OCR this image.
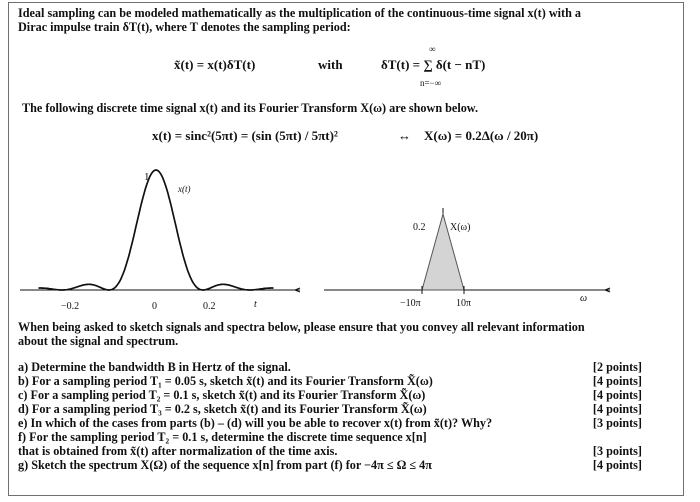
Ideal sampling can be modeled mathematically as the multiplication of the continuous-time signal x(t) with a
Dirac impulse train δT(t), where T denotes the sampling period:
x̃(t) = x(t)δT(t)	with	δT(t) = ∑ δ(t − nT)
∞
n=−∞
The following discrete time signal x(t) and its Fourier Transform X(ω) are shown below.
x(t) = sinc²(5πt) = (sin (5πt) / 5πt)²	↔ X(ω) = 0.2Δ(ω / 20π)
1
x(t)
−0.2	0	0.2	t
0.2 X(ω)
−10π	10π	ω
When being asked to sketch signals and spectra below, please ensure that you convey all relevant information
about the signal and spectrum.
a) Determine the bandwidth B in Hertz of the signal.	[2 points]
b) For a sampling period T₁ = 0.05 s, sketch x̃(t) and its Fourier Transform X̃(ω)	[4 points]
c) For a sampling period T₂ = 0.1 s, sketch x̃(t) and its Fourier Transform X̃(ω)	[4 points]
d) For a sampling period T₃ = 0.2 s, sketch x̃(t) and its Fourier Transform X̃(ω)	[4 points]
e) In which of the cases from parts (b) – (d) will you be able to recover x(t) from x̃(t)? Why?	[3 points]
f) For the sampling period T₂ = 0.1 s, determine the discrete time sequence x[n]
that is obtained from x̃(t) after normalization of the time axis.	[3 points]
g) Sketch the spectrum X(Ω) of the sequence x[n] from part (f) for −4π ≤ Ω ≤ 4π	[4 points]
